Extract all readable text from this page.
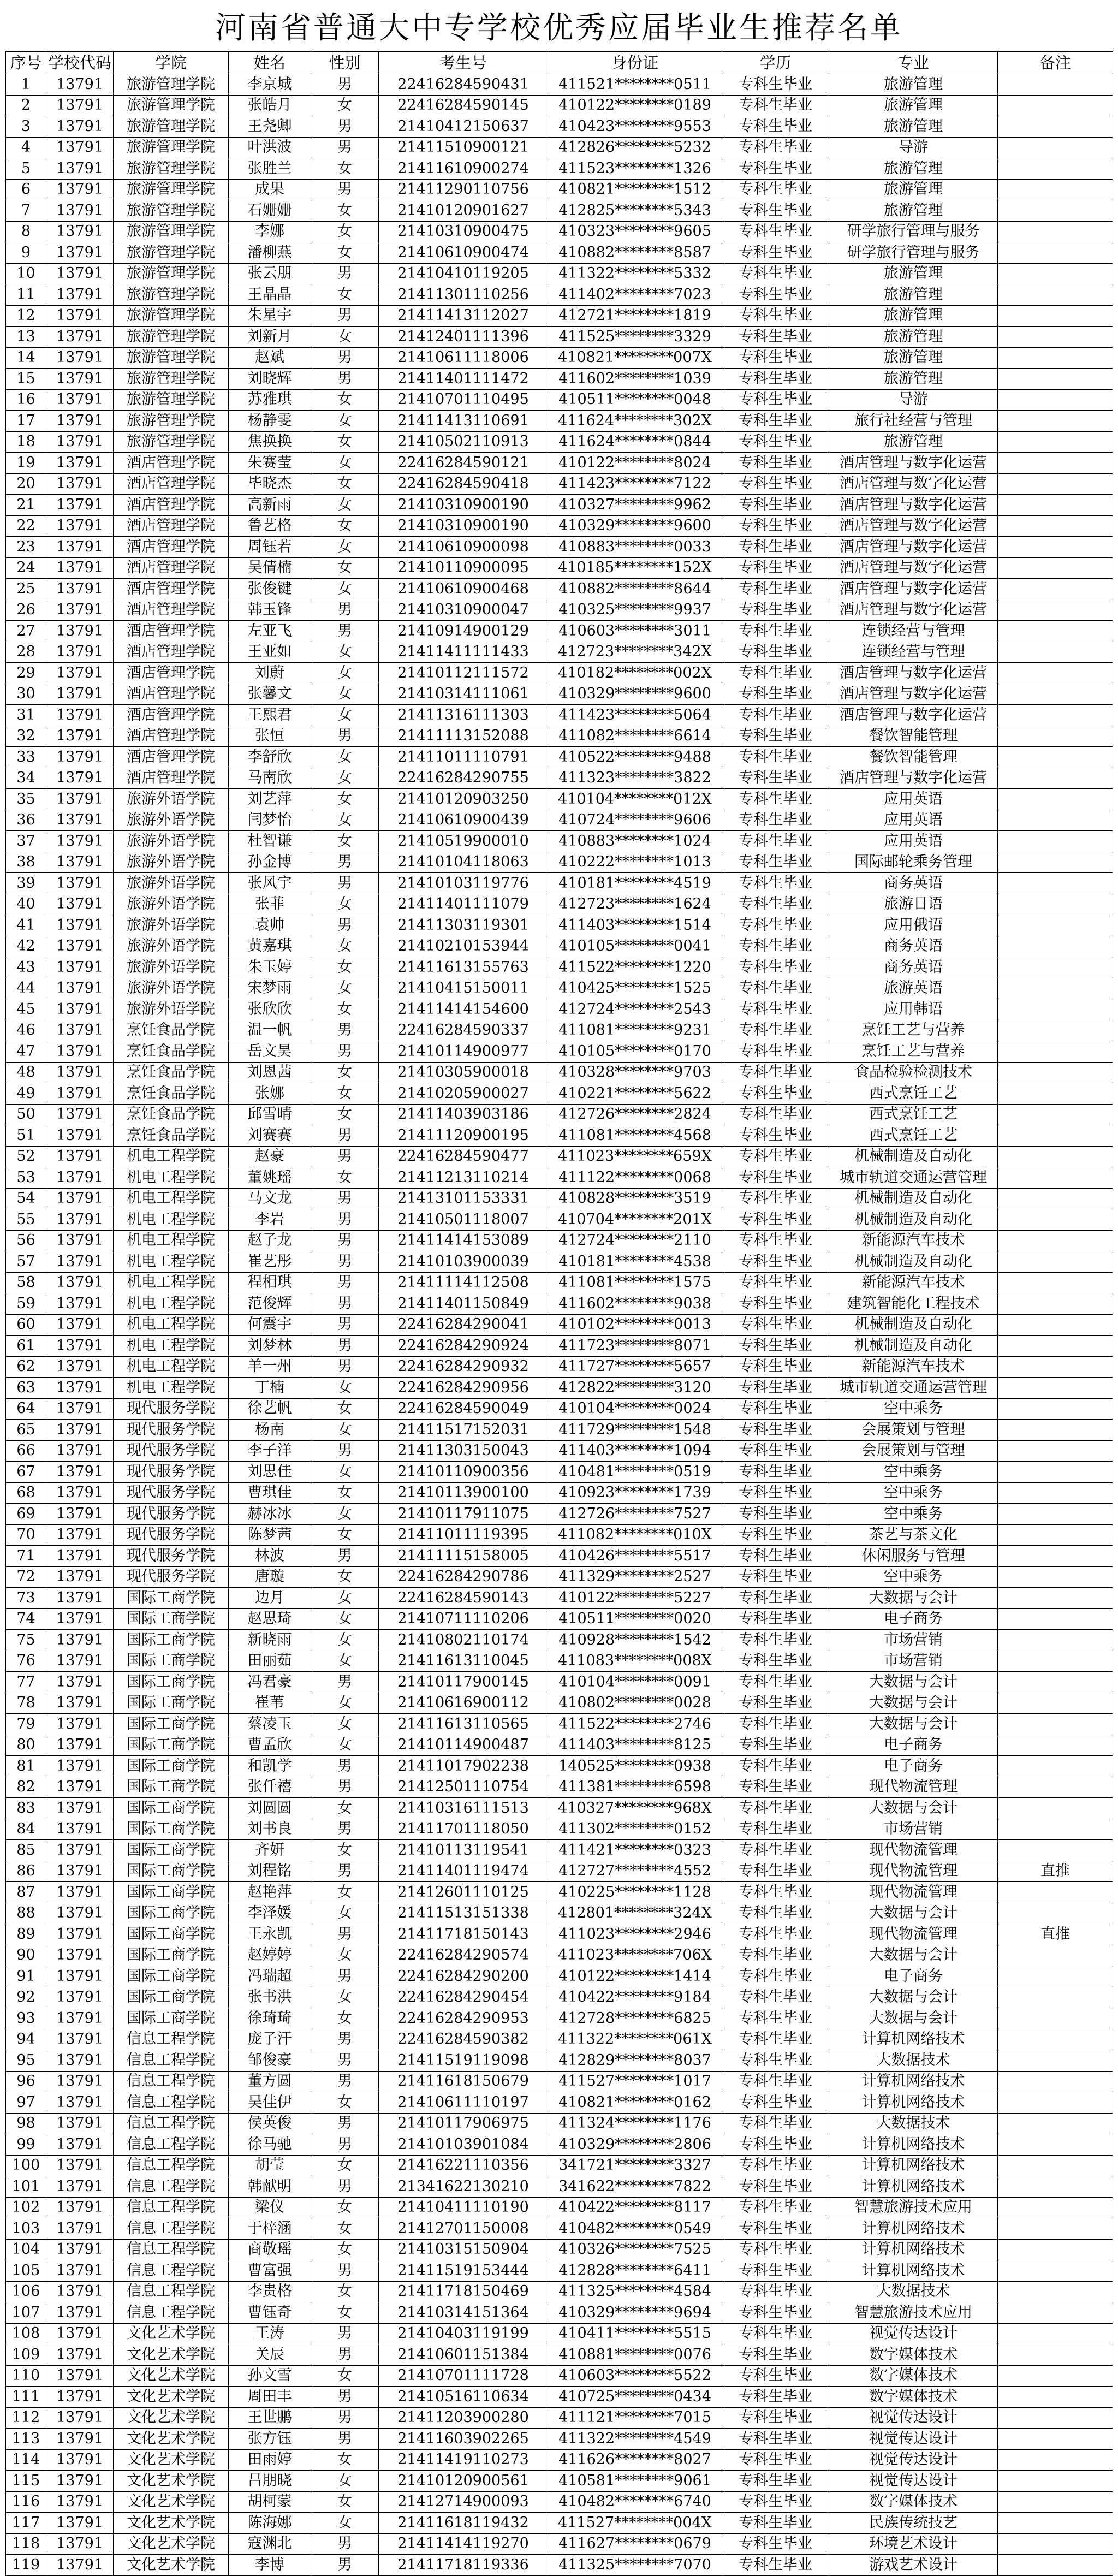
河南省普通大中专学校优秀应届毕业生推荐名单
序号	学校代码	学院	姓名	性别	考生号	身份证	学历	专业	备注
1	13791	旅游管理学院	李京城	男	22416284590431	411521********0511	专科生毕业	旅游管理	
2	13791	旅游管理学院	张皓月	女	22416284590145	410122********0189	专科生毕业	旅游管理	
3	13791	旅游管理学院	王尧卿	男	21410412150637	410423********9553	专科生毕业	旅游管理	
4	13791	旅游管理学院	叶洪波	男	21411510900121	412826********5232	专科生毕业	导游	
5	13791	旅游管理学院	张胜兰	女	21411610900274	411523********1326	专科生毕业	旅游管理	
6	13791	旅游管理学院	成果	男	21411290110756	410821********1512	专科生毕业	旅游管理	
7	13791	旅游管理学院	石姗姗	女	21410120901627	412825********5343	专科生毕业	旅游管理	
8	13791	旅游管理学院	李娜	女	21410310900475	410323********9605	专科生毕业	研学旅行管理与服务	
9	13791	旅游管理学院	潘柳燕	女	21410610900474	410882********8587	专科生毕业	研学旅行管理与服务	
10	13791	旅游管理学院	张云朋	男	21410410119205	411322********5332	专科生毕业	旅游管理	
11	13791	旅游管理学院	王晶晶	女	21411301110256	411402********7023	专科生毕业	旅游管理	
12	13791	旅游管理学院	朱星宇	男	21411413112027	412721********1819	专科生毕业	旅游管理	
13	13791	旅游管理学院	刘新月	女	21412401111396	411525********3329	专科生毕业	旅游管理	
14	13791	旅游管理学院	赵斌	男	21410611118006	410821********007X	专科生毕业	旅游管理	
15	13791	旅游管理学院	刘晓辉	男	21411401111472	411602********1039	专科生毕业	旅游管理	
16	13791	旅游管理学院	苏雅琪	女	21410701110495	410511********0048	专科生毕业	导游	
17	13791	旅游管理学院	杨静雯	女	21411413110691	411624********302X	专科生毕业	旅行社经营与管理	
18	13791	旅游管理学院	焦换换	女	21410502110913	411624********0844	专科生毕业	旅游管理	
19	13791	酒店管理学院	朱赛莹	女	22416284590121	410122********8024	专科生毕业	酒店管理与数字化运营	
20	13791	酒店管理学院	毕晓杰	女	22416284590418	411423********7122	专科生毕业	酒店管理与数字化运营	
21	13791	酒店管理学院	高新雨	女	21410310900190	410327********9962	专科生毕业	酒店管理与数字化运营	
22	13791	酒店管理学院	鲁艺格	女	21410310900190	410329********9600	专科生毕业	酒店管理与数字化运营	
23	13791	酒店管理学院	周钰若	女	21410610900098	410883********0033	专科生毕业	酒店管理与数字化运营	
24	13791	酒店管理学院	吴倩楠	女	21410110900095	410185********152X	专科生毕业	酒店管理与数字化运营	
25	13791	酒店管理学院	张俊键	女	21410610900468	410882********8644	专科生毕业	酒店管理与数字化运营	
26	13791	酒店管理学院	韩玉锋	男	21410310900047	410325********9937	专科生毕业	酒店管理与数字化运营	
27	13791	酒店管理学院	左亚飞	男	21410914900129	410603********3011	专科生毕业	连锁经营与管理	
28	13791	酒店管理学院	王亚如	女	21411411111433	412723********342X	专科生毕业	连锁经营与管理	
29	13791	酒店管理学院	刘蔚	女	21410112111572	410182********002X	专科生毕业	酒店管理与数字化运营	
30	13791	酒店管理学院	张馨文	女	21410314111061	410329********9600	专科生毕业	酒店管理与数字化运营	
31	13791	酒店管理学院	王熙君	女	21411316111303	411423********5064	专科生毕业	酒店管理与数字化运营	
32	13791	酒店管理学院	张恒	男	21411113152088	411082********6614	专科生毕业	餐饮智能管理	
33	13791	酒店管理学院	李舒欣	女	21411011110791	410522********9488	专科生毕业	餐饮智能管理	
34	13791	酒店管理学院	马南欣	女	22416284290755	411323********3822	专科生毕业	酒店管理与数字化运营	
35	13791	旅游外语学院	刘艺萍	女	21410120903250	410104********012X	专科生毕业	应用英语	
36	13791	旅游外语学院	闫梦怡	女	21410610900439	410724********9606	专科生毕业	应用英语	
37	13791	旅游外语学院	杜智谦	女	21410519900010	410883********1024	专科生毕业	应用英语	
38	13791	旅游外语学院	孙金博	男	21410104118063	410222********1013	专科生毕业	国际邮轮乘务管理	
39	13791	旅游外语学院	张风宇	男	21410103119776	410181********4519	专科生毕业	商务英语	
40	13791	旅游外语学院	张菲	女	21411401111079	412723********1624	专科生毕业	旅游日语	
41	13791	旅游外语学院	袁帅	男	21411303119301	411403********1514	专科生毕业	应用俄语	
42	13791	旅游外语学院	黄嘉琪	女	21410210153944	410105********0041	专科生毕业	商务英语	
43	13791	旅游外语学院	朱玉婷	女	21411613155763	411522********1220	专科生毕业	商务英语	
44	13791	旅游外语学院	宋梦雨	女	21410415150011	410425********1525	专科生毕业	旅游英语	
45	13791	旅游外语学院	张欣欣	女	21411414154600	412724********2543	专科生毕业	应用韩语	
46	13791	烹饪食品学院	温一帆	男	22416284590337	411081********9231	专科生毕业	烹饪工艺与营养	
47	13791	烹饪食品学院	岳文昊	男	21410114900977	410105********0170	专科生毕业	烹饪工艺与营养	
48	13791	烹饪食品学院	刘恩茜	女	21410305900018	410328********9703	专科生毕业	食品检验检测技术	
49	13791	烹饪食品学院	张娜	女	21410205900027	410221********5622	专科生毕业	西式烹饪工艺	
50	13791	烹饪食品学院	邱雪晴	女	21411403903186	412726********2824	专科生毕业	西式烹饪工艺	
51	13791	烹饪食品学院	刘赛赛	男	21411120900195	411081********4568	专科生毕业	西式烹饪工艺	
52	13791	机电工程学院	赵豪	男	22416284590477	411023********659X	专科生毕业	机械制造及自动化	
53	13791	机电工程学院	董姚瑶	女	21411213110214	411122********0068	专科生毕业	城市轨道交通运营管理	
54	13791	机电工程学院	马文龙	男	21413101153331	410828********3519	专科生毕业	机械制造及自动化	
55	13791	机电工程学院	李岩	男	21410501118007	410704********201X	专科生毕业	机械制造及自动化	
56	13791	机电工程学院	赵子龙	男	21411414153089	412724********2110	专科生毕业	新能源汽车技术	
57	13791	机电工程学院	崔艺彤	男	21410103900039	410181********4538	专科生毕业	机械制造及自动化	
58	13791	机电工程学院	程相琪	男	21411114112508	411081********1575	专科生毕业	新能源汽车技术	
59	13791	机电工程学院	范俊辉	男	21411401150849	411602********9038	专科生毕业	建筑智能化工程技术	
60	13791	机电工程学院	何震宇	男	22416284290041	410102********0013	专科生毕业	机械制造及自动化	
61	13791	机电工程学院	刘梦林	男	22416284290924	411723********8071	专科生毕业	机械制造及自动化	
62	13791	机电工程学院	羊一州	男	22416284290932	411727********5657	专科生毕业	新能源汽车技术	
63	13791	机电工程学院	丁楠	女	22416284290956	412822********3120	专科生毕业	城市轨道交通运营管理	
64	13791	现代服务学院	徐艺帆	女	22416284590049	410104********0024	专科生毕业	空中乘务	
65	13791	现代服务学院	杨南	女	21411517152031	411729********1548	专科生毕业	会展策划与管理	
66	13791	现代服务学院	李子洋	男	21411303150043	411403********1094	专科生毕业	会展策划与管理	
67	13791	现代服务学院	刘思佳	女	21410110900356	410481********0519	专科生毕业	空中乘务	
68	13791	现代服务学院	曹琪佳	女	21410113900100	410923********1739	专科生毕业	空中乘务	
69	13791	现代服务学院	赫冰冰	女	21410117911075	412726********7527	专科生毕业	空中乘务	
70	13791	现代服务学院	陈梦茜	女	21411011119395	411082********010X	专科生毕业	茶艺与茶文化	
71	13791	现代服务学院	林波	男	21411115158005	410426********5517	专科生毕业	休闲服务与管理	
72	13791	现代服务学院	唐璇	女	22416284290786	411329********2527	专科生毕业	空中乘务	
73	13791	国际工商学院	边月	女	22416284590143	410122********5227	专科生毕业	大数据与会计	
74	13791	国际工商学院	赵思琦	女	21410711110206	410511********0020	专科生毕业	电子商务	
75	13791	国际工商学院	新晓雨	女	21410802110174	410928********1542	专科生毕业	市场营销	
76	13791	国际工商学院	田丽茹	女	21411613110045	411083********008X	专科生毕业	市场营销	
77	13791	国际工商学院	冯君豪	男	21410117900145	410104********0091	专科生毕业	大数据与会计	
78	13791	国际工商学院	崔苇	女	21410616900112	410802********0028	专科生毕业	大数据与会计	
79	13791	国际工商学院	蔡凌玉	女	21411613110565	411522********2746	专科生毕业	大数据与会计	
80	13791	国际工商学院	曹孟欣	女	21410114900487	411403********8125	专科生毕业	电子商务	
81	13791	国际工商学院	和凯学	男	21411017902238	140525********0938	专科生毕业	电子商务	
82	13791	国际工商学院	张仟禧	男	21412501110754	411381********6598	专科生毕业	现代物流管理	
83	13791	国际工商学院	刘圆圆	女	21410316111513	410327********968X	专科生毕业	大数据与会计	
84	13791	国际工商学院	刘书良	男	21411701118050	411302********0152	专科生毕业	市场营销	
85	13791	国际工商学院	齐妍	女	21410113119541	411421********0323	专科生毕业	现代物流管理	
86	13791	国际工商学院	刘程铭	男	21411401119474	412727********4552	专科生毕业	现代物流管理	直推
87	13791	国际工商学院	赵艳萍	女	21412601110125	410225********1128	专科生毕业	现代物流管理	
88	13791	国际工商学院	李泽媛	女	21411513151338	412801********324X	专科生毕业	大数据与会计	
89	13791	国际工商学院	王永凯	男	21411718150143	411023********2946	专科生毕业	现代物流管理	直推
90	13791	国际工商学院	赵婷婷	女	22416284290574	411023********706X	专科生毕业	大数据与会计	
91	13791	国际工商学院	冯瑞超	男	22416284290200	410122********1414	专科生毕业	电子商务	
92	13791	国际工商学院	张书洪	女	22416284290454	410422********9184	专科生毕业	大数据与会计	
93	13791	国际工商学院	徐琦琦	女	22416284290953	412728********6825	专科生毕业	大数据与会计	
94	13791	信息工程学院	庞子汗	男	22416284590382	411322********061X	专科生毕业	计算机网络技术	
95	13791	信息工程学院	邹俊豪	男	21411519119098	412829********8037	专科生毕业	大数据技术	
96	13791	信息工程学院	董方圆	男	21411618150679	411527********1017	专科生毕业	计算机网络技术	
97	13791	信息工程学院	吴佳伊	女	21410611110197	410821********0162	专科生毕业	计算机网络技术	
98	13791	信息工程学院	侯英俊	男	21410117906975	411324********1176	专科生毕业	大数据技术	
99	13791	信息工程学院	徐马驰	男	21410103901084	410329********2806	专科生毕业	计算机网络技术	
100	13791	信息工程学院	胡莹	女	21416221110356	341721********3327	专科生毕业	计算机网络技术	
101	13791	信息工程学院	韩献明	男	21341622130210	341622********7822	专科生毕业	计算机网络技术	
102	13791	信息工程学院	梁仪	女	21410411110190	410422********8117	专科生毕业	智慧旅游技术应用	
103	13791	信息工程学院	于梓涵	女	21412701150008	410482********0549	专科生毕业	计算机网络技术	
104	13791	信息工程学院	商敬瑶	女	21410315150904	410326********7525	专科生毕业	计算机网络技术	
105	13791	信息工程学院	曹富强	男	21411519153444	412828********6411	专科生毕业	计算机网络技术	
106	13791	信息工程学院	李贵格	女	21411718150469	411325********4584	专科生毕业	大数据技术	
107	13791	信息工程学院	曹钰奇	女	21410314151364	410329********9694	专科生毕业	智慧旅游技术应用	
108	13791	文化艺术学院	王涛	男	21410403119199	410411********5515	专科生毕业	视觉传达设计	
109	13791	文化艺术学院	关辰	男	21410601151384	410881********0076	专科生毕业	数字媒体技术	
110	13791	文化艺术学院	孙文雪	女	21410701111728	410603********5522	专科生毕业	数字媒体技术	
111	13791	文化艺术学院	周田丰	男	21410516110634	410725********0434	专科生毕业	数字媒体技术	
112	13791	文化艺术学院	王世鹏	男	21411203900280	411121********7015	专科生毕业	视觉传达设计	
113	13791	文化艺术学院	张方钰	男	21411603902265	411322********4549	专科生毕业	视觉传达设计	
114	13791	文化艺术学院	田雨婷	女	21411419110273	411626********8027	专科生毕业	视觉传达设计	
115	13791	文化艺术学院	吕朋晓	女	21410120900561	410581********9061	专科生毕业	视觉传达设计	
116	13791	文化艺术学院	胡柯蒙	女	21412714900093	410482********6740	专科生毕业	数字媒体技术	
117	13791	文化艺术学院	陈海娜	女	21411618119432	411527********004X	专科生毕业	民族传统技艺	
118	13791	文化艺术学院	寇渊北	男	21411414119270	411627********0679	专科生毕业	环境艺术设计	
119	13791	文化艺术学院	李博	男	21411718119336	411325********7070	专科生毕业	游戏艺术设计	
